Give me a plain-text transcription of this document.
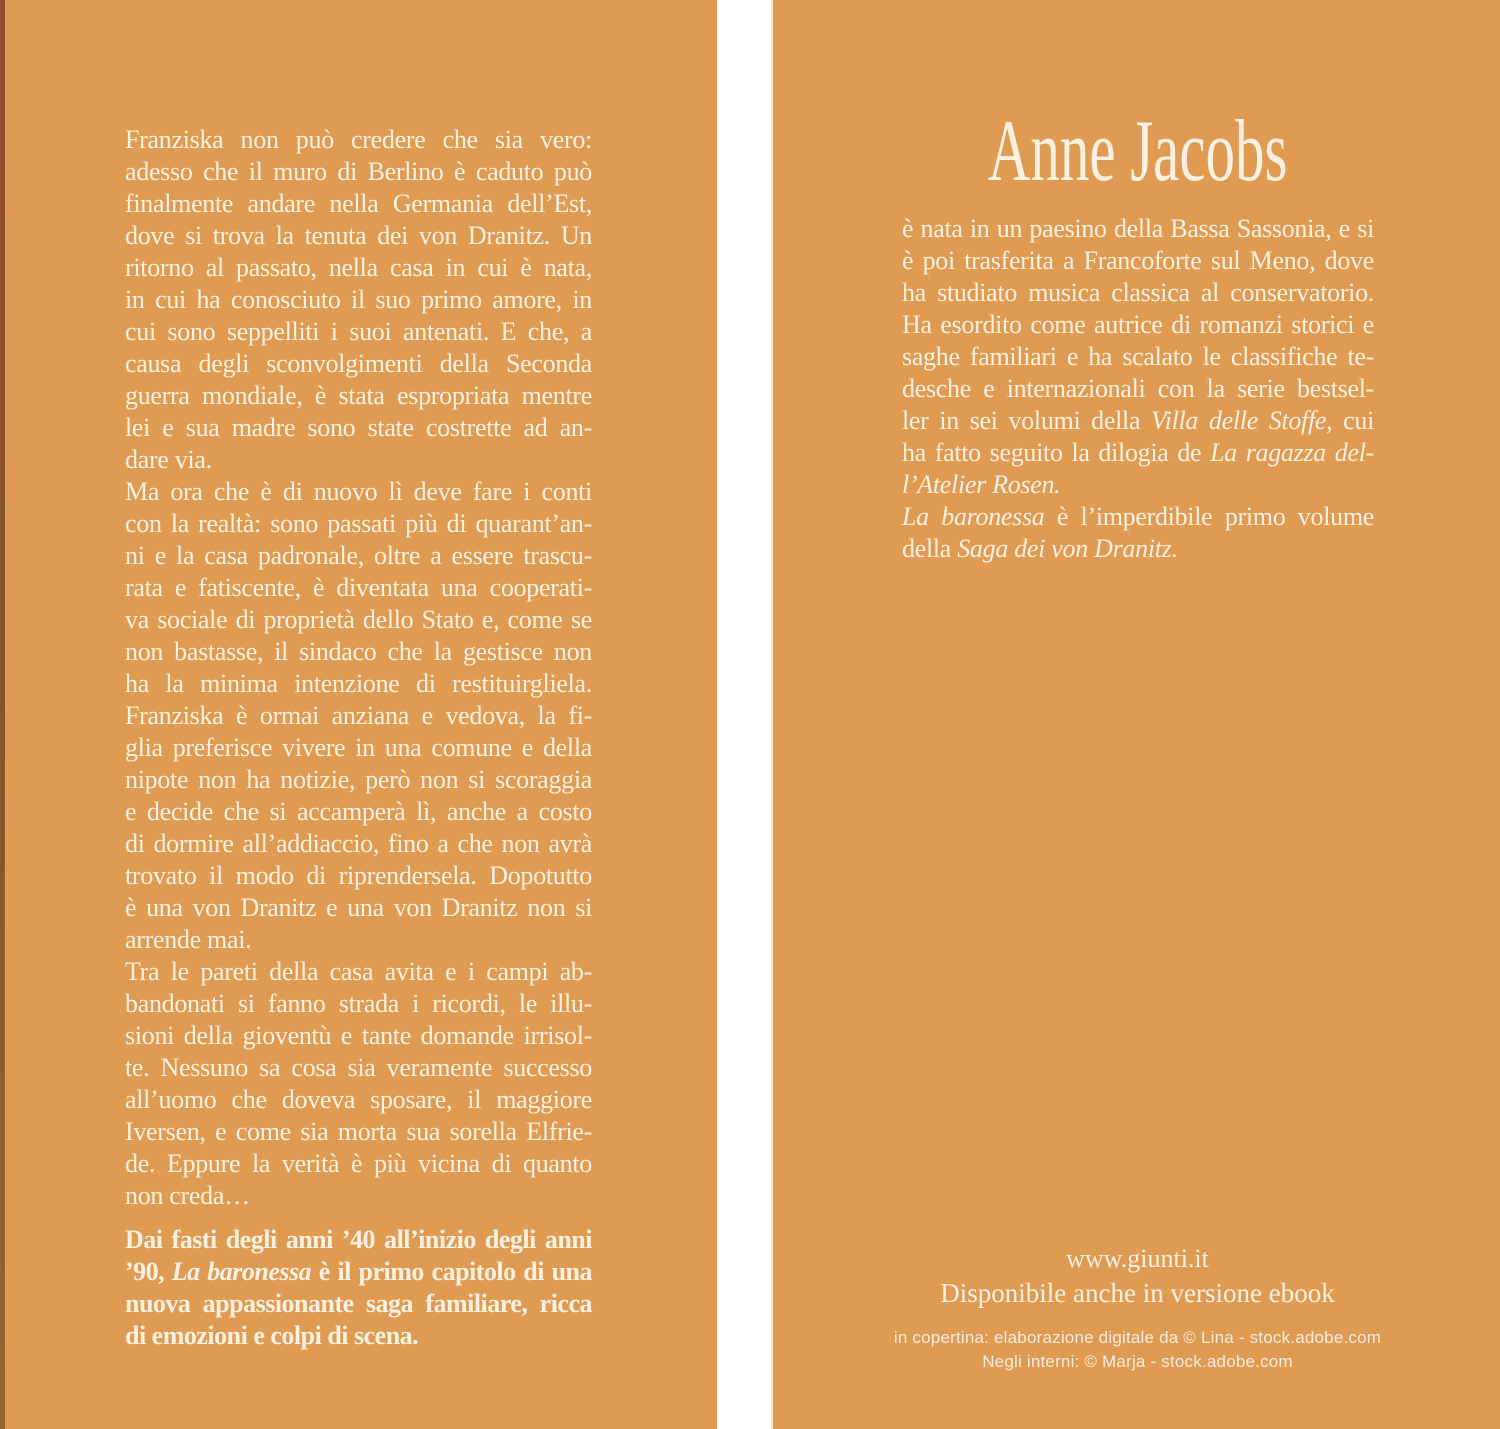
Franziska non può credere che sia vero:
adesso che il muro di Berlino è caduto può
finalmente andare nella Germania dell’Est,
dove si trova la tenuta dei von Dranitz. Un
ritorno al passato, nella casa in cui è nata,
in cui ha conosciuto il suo primo amore, in
cui sono seppelliti i suoi antenati. E che, a
causa degli sconvolgimenti della Seconda
guerra mondiale, è stata espropriata mentre
lei e sua madre sono state costrette ad an-
dare via.
Ma ora che è di nuovo lì deve fare i conti
con la realtà: sono passati più di quarant’an-
ni e la casa padronale, oltre a essere trascu-
rata e fatiscente, è diventata una cooperati-
va sociale di proprietà dello Stato e, come se
non bastasse, il sindaco che la gestisce non
ha la minima intenzione di restituirgliela.
Franziska è ormai anziana e vedova, la fi-
glia preferisce vivere in una comune e della
nipote non ha notizie, però non si scoraggia
e decide che si accamperà lì, anche a costo
di dormire all’addiaccio, fino a che non avrà
trovato il modo di riprendersela. Dopotutto
è una von Dranitz e una von Dranitz non si
arrende mai.
Tra le pareti della casa avita e i campi ab-
bandonati si fanno strada i ricordi, le illu-
sioni della gioventù e tante domande irrisol-
te. Nessuno sa cosa sia veramente successo
all’uomo che doveva sposare, il maggiore
Iversen, e come sia morta sua sorella Elfrie-
de. Eppure la verità è più vicina di quanto
non creda…
Dai fasti degli anni ’40 all’inizio degli anni
’90, La baronessa è il primo capitolo di una
nuova appassionante saga familiare, ricca
di emozioni e colpi di scena.
Anne Jacobs
è nata in un paesino della Bassa Sassonia, e si
è poi trasferita a Francoforte sul Meno, dove
ha studiato musica classica al conservatorio.
Ha esordito come autrice di romanzi storici e
saghe familiari e ha scalato le classifiche te-
desche e internazionali con la serie bestsel-
ler in sei volumi della Villa delle Stoffe, cui
ha fatto seguito la dilogia de La ragazza del-
l’Atelier Rosen.
La baronessa è l’imperdibile primo volume
della Saga dei von Dranitz.
www.giunti.it
Disponibile anche in versione ebook
in copertina: elaborazione digitale da © Lina - stock.adobe.com
Negli interni: © Marja - stock.adobe.com
